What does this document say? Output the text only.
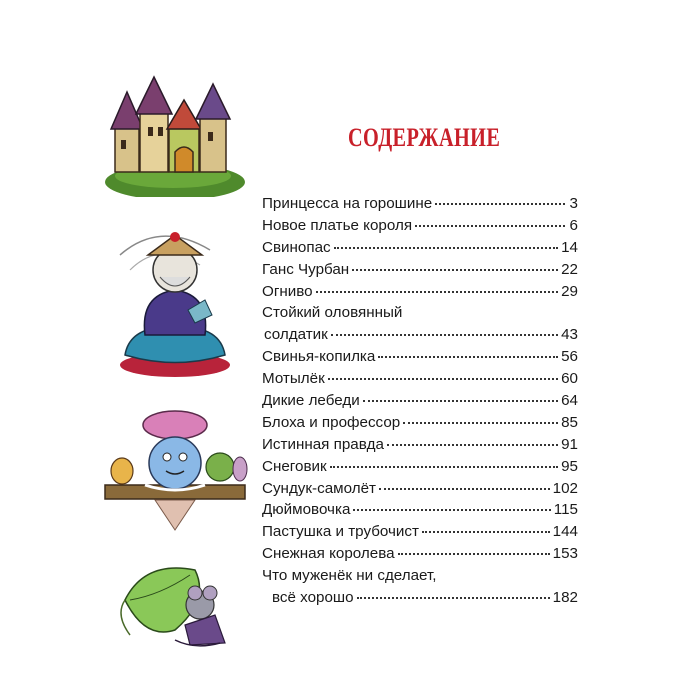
СОДЕРЖАНИЕ
Принцесса на горошине	3
Новое платье короля	6
Свинопас	14
Ганс Чурбан	22
Огниво	29
Стойкий оловянный
солдатик	43
Свинья-копилка	56
Мотылёк	60
Дикие лебеди	64
Блоха и профессор	85
Истинная правда	91
Снеговик	95
Сундук-самолёт	102
Дюймовочка	115
Пастушка и трубочист	144
Снежная королева	153
Что муженёк ни сделает,
всё хорошо	182
